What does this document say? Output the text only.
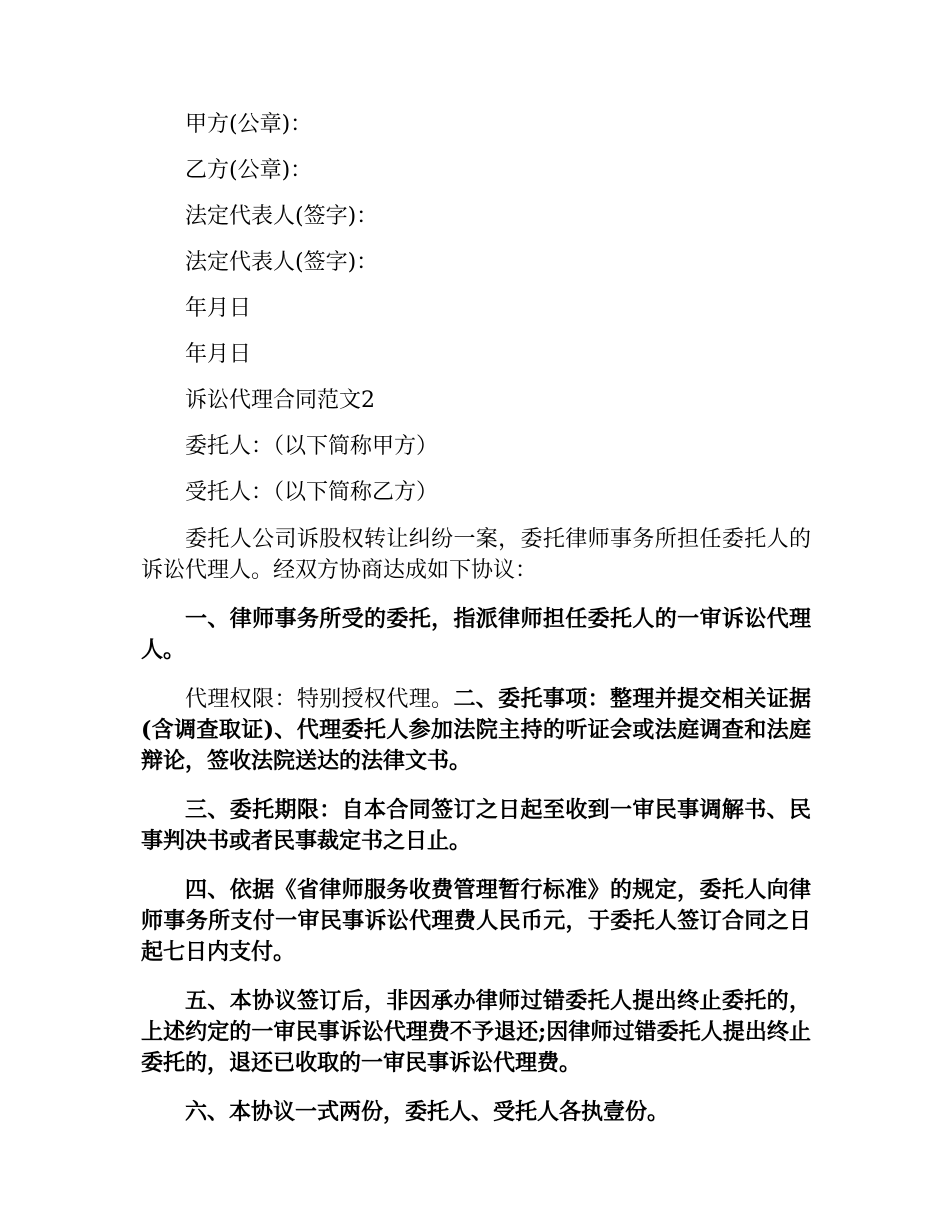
甲方(公章)：
乙方(公章)：
法定代表人(签字)：
法定代表人(签字)：
年月日
年月日
诉讼代理合同范文2
委托人：（以下简称甲方）
受托人：（以下简称乙方）

委托人公司诉股权转让纠纷一案，委托律师事务所担任委托人的诉讼代理人。经双方协商达成如下协议：

一、律师事务所受的委托，指派律师担任委托人的一审诉讼代理人。

代理权限：特别授权代理。二、委托事项：整理并提交相关证据(含调查取证)、代理委托人参加法院主持的听证会或法庭调查和法庭辩论，签收法院送达的法律文书。

三、委托期限：自本合同签订之日起至收到一审民事调解书、民事判决书或者民事裁定书之日止。

四、依据《省律师服务收费管理暂行标准》的规定，委托人向律师事务所支付一审民事诉讼代理费人民币元，于委托人签订合同之日起七日内支付。

五、本协议签订后，非因承办律师过错委托人提出终止委托的，上述约定的一审民事诉讼代理费不予退还;因律师过错委托人提出终止委托的，退还已收取的一审民事诉讼代理费。

六、本协议一式两份，委托人、受托人各执壹份。
